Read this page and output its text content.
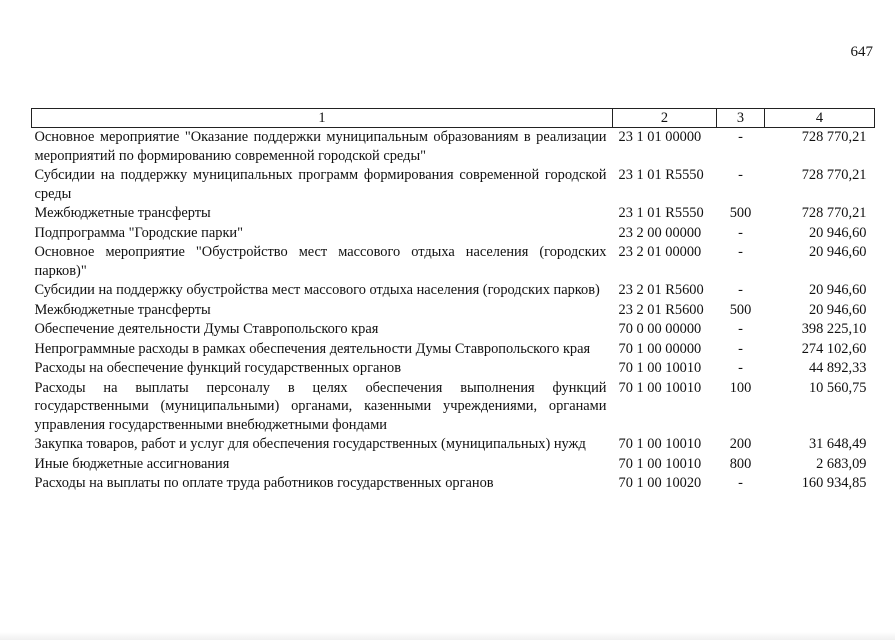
647
1	2	3	4
Основное мероприятие "Оказание поддержки муниципальным образованиям в реализации мероприятий по формированию современной городской среды"	23 1 01 00000	-	728 770,21
Субсидии на поддержку муниципальных программ формирования современной городской среды	23 1 01 R5550	-	728 770,21
Межбюджетные трансферты	23 1 01 R5550	500	728 770,21
Подпрограмма "Городские парки"	23 2 00 00000	-	20 946,60
Основное мероприятие "Обустройство мест массового отдыха населения (городских парков)"	23 2 01 00000	-	20 946,60
Субсидии на поддержку обустройства мест массового отдыха населения (городских парков)	23 2 01 R5600	-	20 946,60
Межбюджетные трансферты	23 2 01 R5600	500	20 946,60
Обеспечение деятельности Думы Ставропольского края	70 0 00 00000	-	398 225,10
Непрограммные расходы в рамках обеспечения деятельности Думы Ставропольского края	70 1 00 00000	-	274 102,60
Расходы на обеспечение функций государственных органов	70 1 00 10010	-	44 892,33
Расходы на выплаты персоналу в целях обеспечения выполнения функций государственными (муниципальными) органами, казенными учреждениями, органами управления государственными внебюджетными фондами	70 1 00 10010	100	10 560,75
Закупка товаров, работ и услуг для обеспечения государственных (муниципальных) нужд	70 1 00 10010	200	31 648,49
Иные бюджетные ассигнования	70 1 00 10010	800	2 683,09
Расходы на выплаты по оплате труда работников государственных органов	70 1 00 10020	-	160 934,85
